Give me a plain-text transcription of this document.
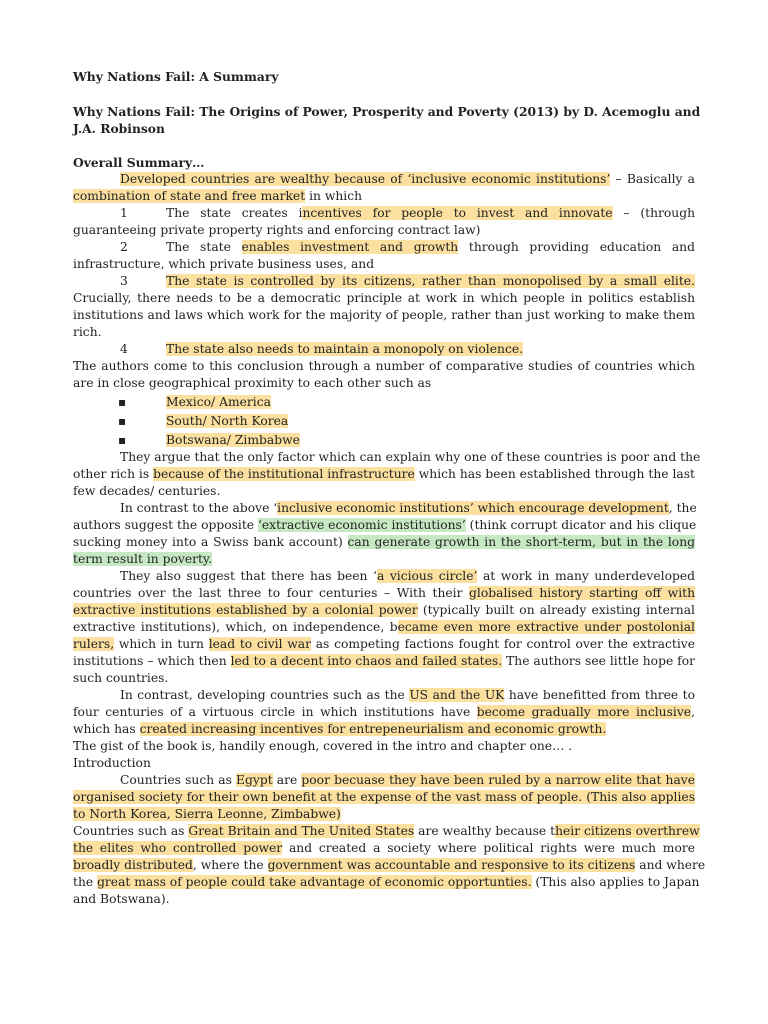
Why Nations Fail: A Summary
Why Nations Fail: The Origins of Power, Prosperity and Poverty (2013) by D. Acemoglu and
J.A. Robinson
Overall Summary…
Developed countries are wealthy because of ‘inclusive economic institutions’ – Basically a
combination of state and free market in which
1	The state creates incentives for people to invest and innovate – (through
guaranteeing private property rights and enforcing contract law)
2	The state enables investment and growth through providing education and
infrastructure, which private business uses, and
3	The state is controlled by its citizens, rather than monopolised by a small elite.
Crucially, there needs to be a democratic principle at work in which people in politics establish
institutions and laws which work for the majority of people, rather than just working to make them
rich.
4	The state also needs to maintain a monopoly on violence.
The authors come to this conclusion through a number of comparative studies of countries which
are in close geographical proximity to each other such as
▪	Mexico/ America
▪	South/ North Korea
▪	Botswana/ Zimbabwe
They argue that the only factor which can explain why one of these countries is poor and the
other rich is because of the institutional infrastructure which has been established through the last
few decades/ centuries.
In contrast to the above ‘inclusive economic institutions’ which encourage development, the
authors suggest the opposite ‘extractive economic institutions’ (think corrupt dicator and his clique
sucking money into a Swiss bank account) can generate growth in the short-term, but in the long
term result in poverty.
They also suggest that there has been ‘a vicious circle’ at work in many underdeveloped
countries over the last three to four centuries – With their globalised history starting off with
extractive institutions established by a colonial power (typically built on already existing internal
extractive institutions), which, on independence, became even more extractive under postolonial
rulers, which in turn lead to civil war as competing factions fought for control over the extractive
institutions – which then led to a decent into chaos and failed states. The authors see little hope for
such countries.
In contrast, developing countries such as the US and the UK have benefitted from three to
four centuries of a virtuous circle in which institutions have become gradually more inclusive,
which has created increasing incentives for entrepeneurialism and economic growth.
The gist of the book is, handily enough, covered in the intro and chapter one… .
Introduction
Countries such as Egypt are poor becuase they have been ruled by a narrow elite that have
organised society for their own benefit at the expense of the vast mass of people. (This also applies
to North Korea, Sierra Leonne, Zimbabwe)
Countries such as Great Britain and The United States are wealthy because their citizens overthrew
the elites who controlled power and created a society where political rights were much more
broadly distributed, where the government was accountable and responsive to its citizens and where
the great mass of people could take advantage of economic opportunties. (This also applies to Japan
and Botswana).
